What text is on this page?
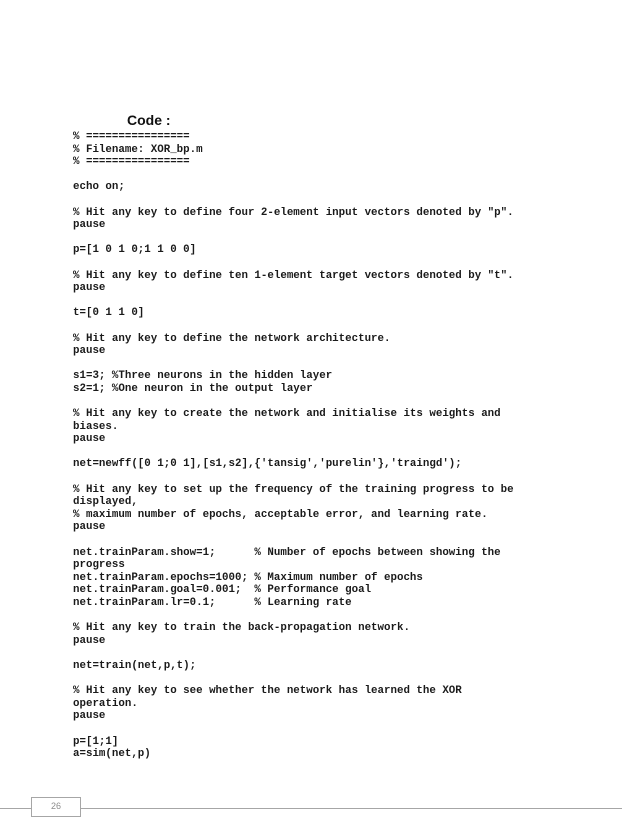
Code :
% ================
% Filename: XOR_bp.m
% ================
echo on;
% Hit any key to define four 2-element input vectors denoted by "p".
pause
p=[1 0 1 0;1 1 0 0]
% Hit any key to define ten 1-element target vectors denoted by "t".
pause
t=[0 1 1 0]
% Hit any key to define the network architecture.
pause
s1=3; %Three neurons in the hidden layer
s2=1; %One neuron in the output layer
% Hit any key to create the network and initialise its weights and
biases.
pause
net=newff([0 1;0 1],[s1,s2],{'tansig','purelin'},'traingd');
% Hit any key to set up the frequency of the training progress to be
displayed,
% maximum number of epochs, acceptable error, and learning rate.
pause
net.trainParam.show=1;      % Number of epochs between showing the
progress
net.trainParam.epochs=1000; % Maximum number of epochs
net.trainParam.goal=0.001;  % Performance goal
net.trainParam.lr=0.1;      % Learning rate
% Hit any key to train the back-propagation network.
pause
net=train(net,p,t);
% Hit any key to see whether the network has learned the XOR
operation.
pause
p=[1;1]
a=sim(net,p)
26
